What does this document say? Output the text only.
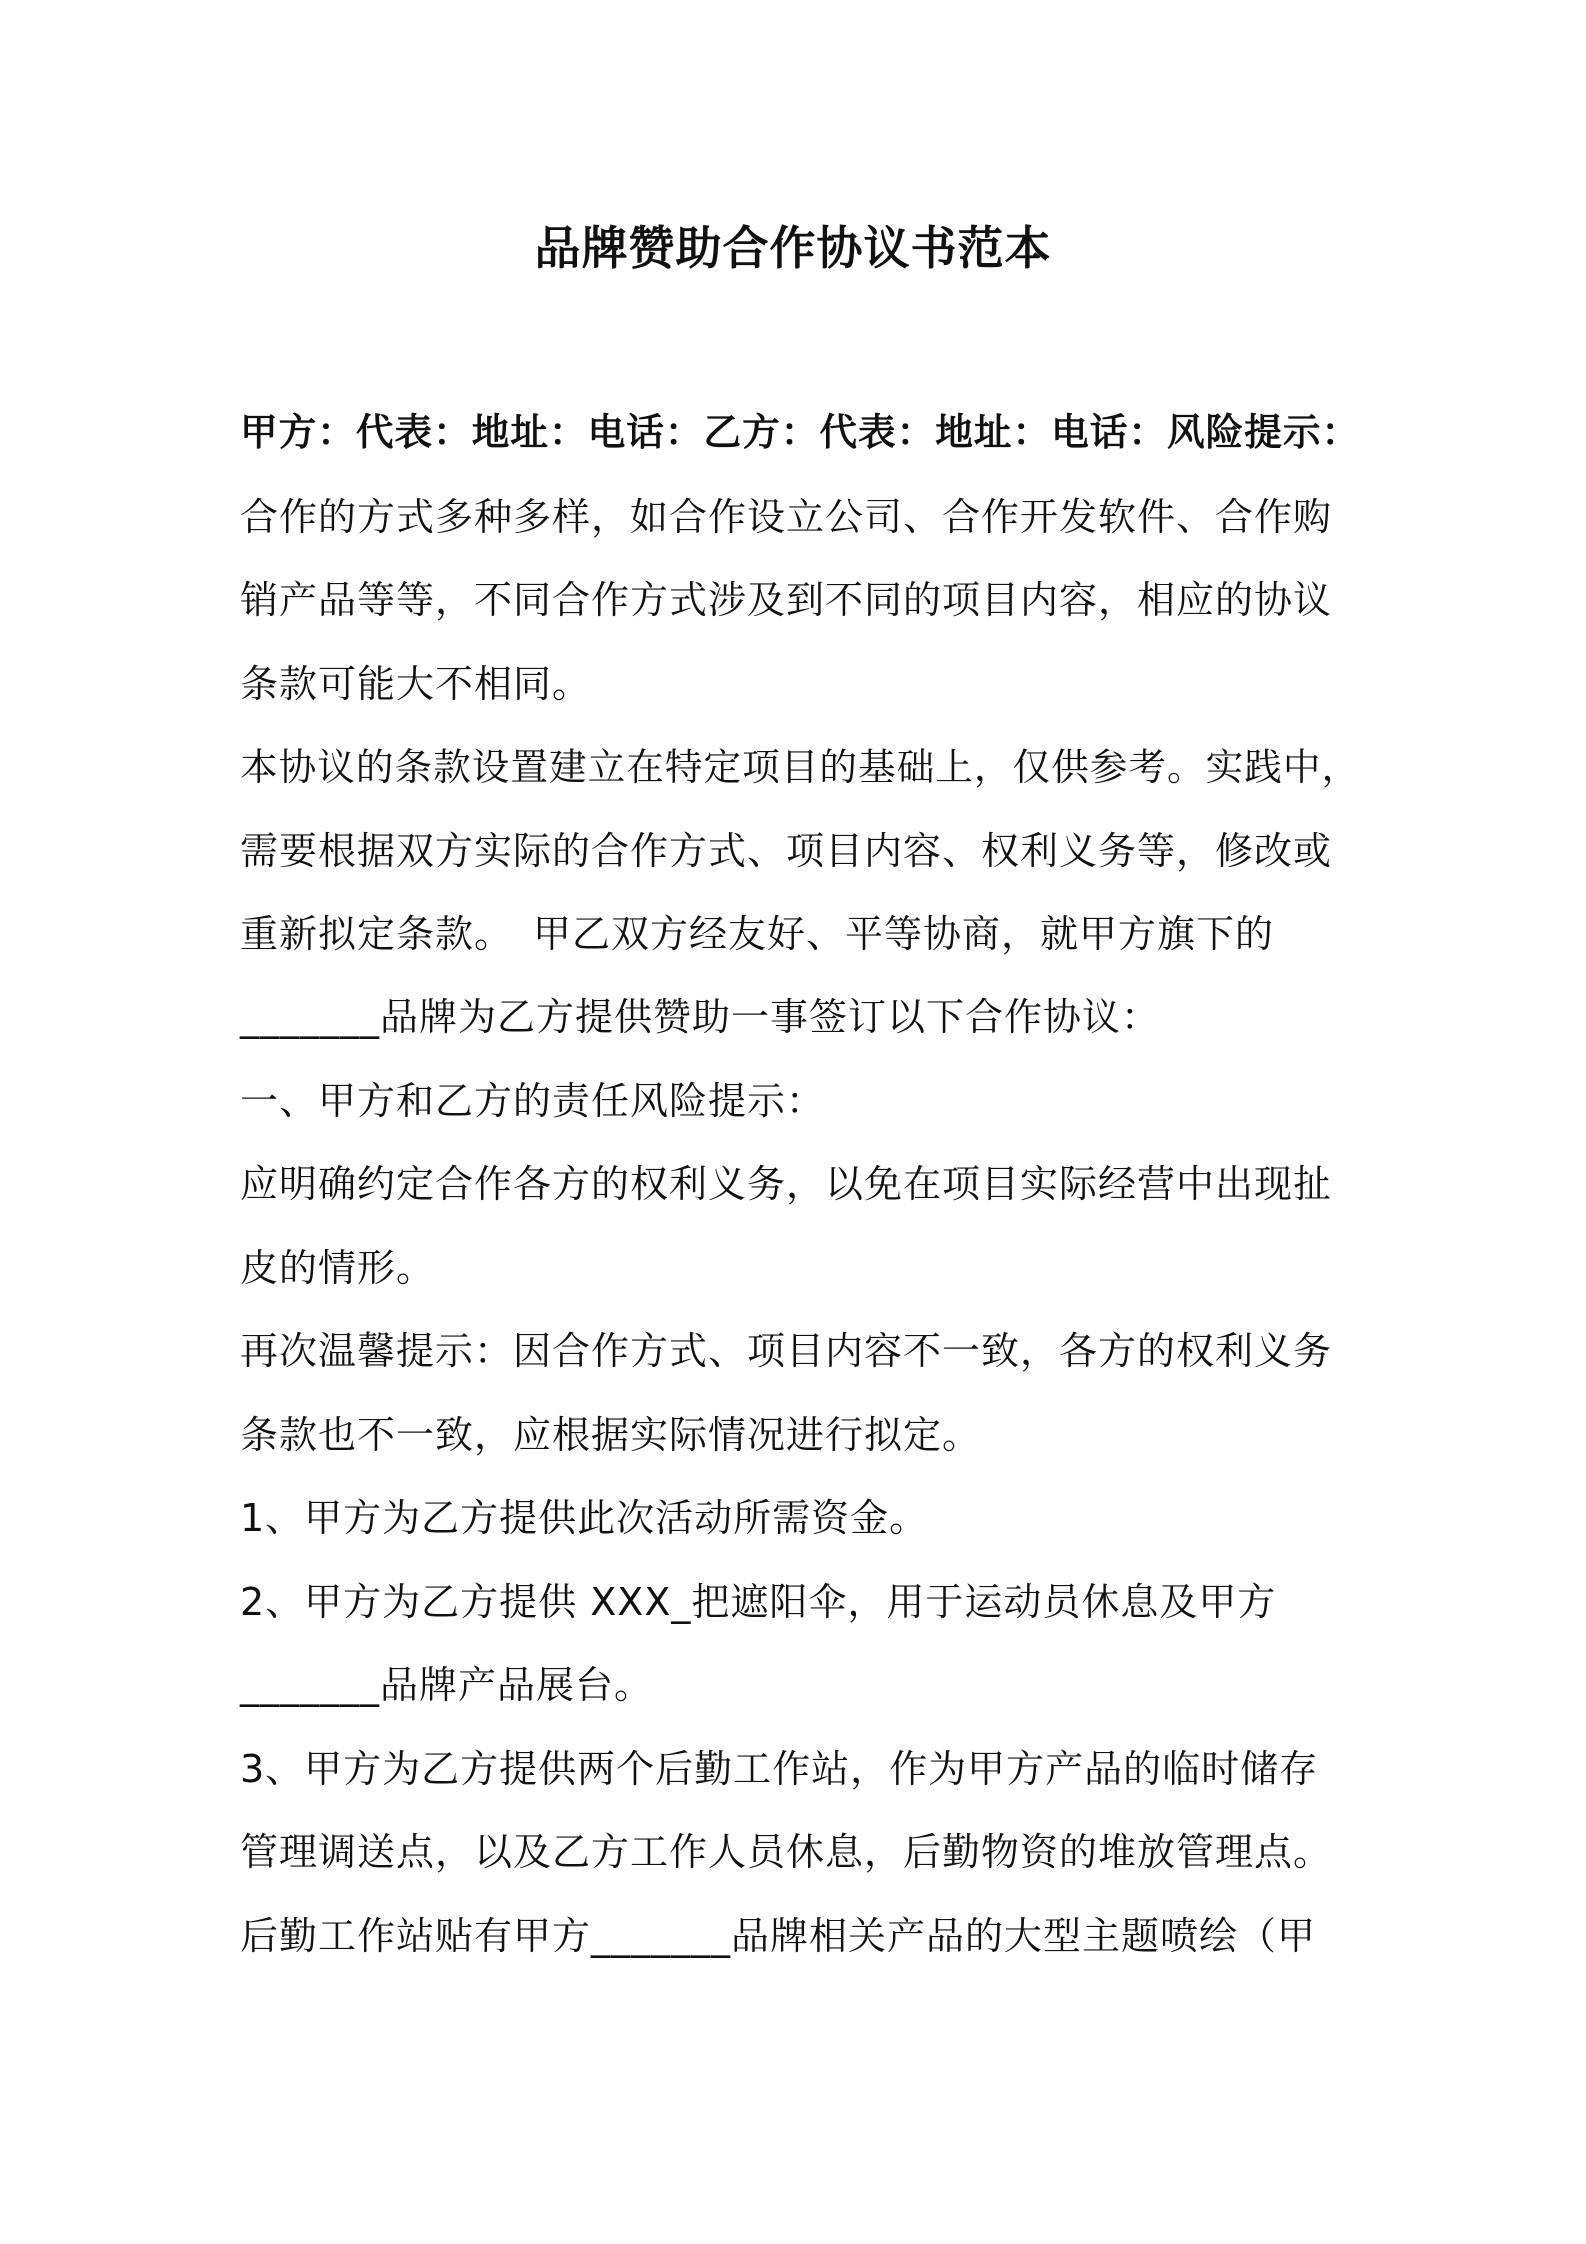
品牌赞助合作协议书范本
甲方：代表：地址：电话：乙方：代表：地址：电话：风险提示：
合作的方式多种多样，如合作设立公司、合作开发软件、合作购
销产品等等，不同合作方式涉及到不同的项目内容，相应的协议
条款可能大不相同。
本协议的条款设置建立在特定项目的基础上，仅供参考。实践中，
需要根据双方实际的合作方式、项目内容、权利义务等，修改或
重新拟定条款。　甲乙双方经友好、平等协商，就甲方旗下的
_______品牌为乙方提供赞助一事签订以下合作协议：
一、甲方和乙方的责任风险提示：
应明确约定合作各方的权利义务，以免在项目实际经营中出现扯
皮的情形。
再次温馨提示：因合作方式、项目内容不一致，各方的权利义务
条款也不一致，应根据实际情况进行拟定。
1、甲方为乙方提供此次活动所需资金。
2、甲方为乙方提供 XXX_把遮阳伞，用于运动员休息及甲方
_______品牌产品展台。
3、甲方为乙方提供两个后勤工作站，作为甲方产品的临时储存
管理调送点，以及乙方工作人员休息，后勤物资的堆放管理点。
后勤工作站贴有甲方_______品牌相关产品的大型主题喷绘（甲
